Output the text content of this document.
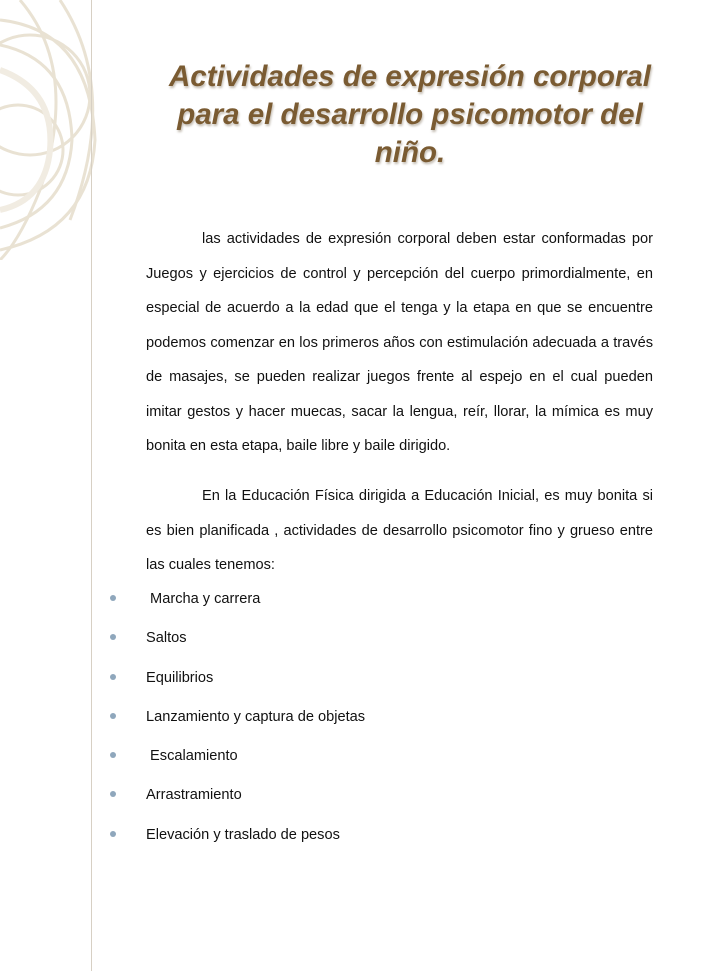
Actividades de expresión corporal
para el desarrollo psicomotor del
niño.

las actividades de expresión corporal deben estar conformadas por Juegos y ejercicios de control y percepción del cuerpo primordialmente, en especial de acuerdo a la edad que el tenga y la etapa en que se encuentre podemos comenzar en los primeros años con estimulación adecuada a través de masajes, se pueden realizar juegos frente al espejo en el cual pueden imitar gestos y hacer muecas, sacar la lengua, reír, llorar, la mímica es muy bonita en esta etapa, baile libre y baile dirigido.

En la Educación Física dirigida a Educación Inicial, es muy bonita si es bien planificada , actividades de desarrollo psicomotor fino y grueso entre las cuales tenemos:

Marcha y carrera
Saltos
Equilibrios
Lanzamiento y captura de objetas
Escalamiento
Arrastramiento
Elevación y traslado de pesos
